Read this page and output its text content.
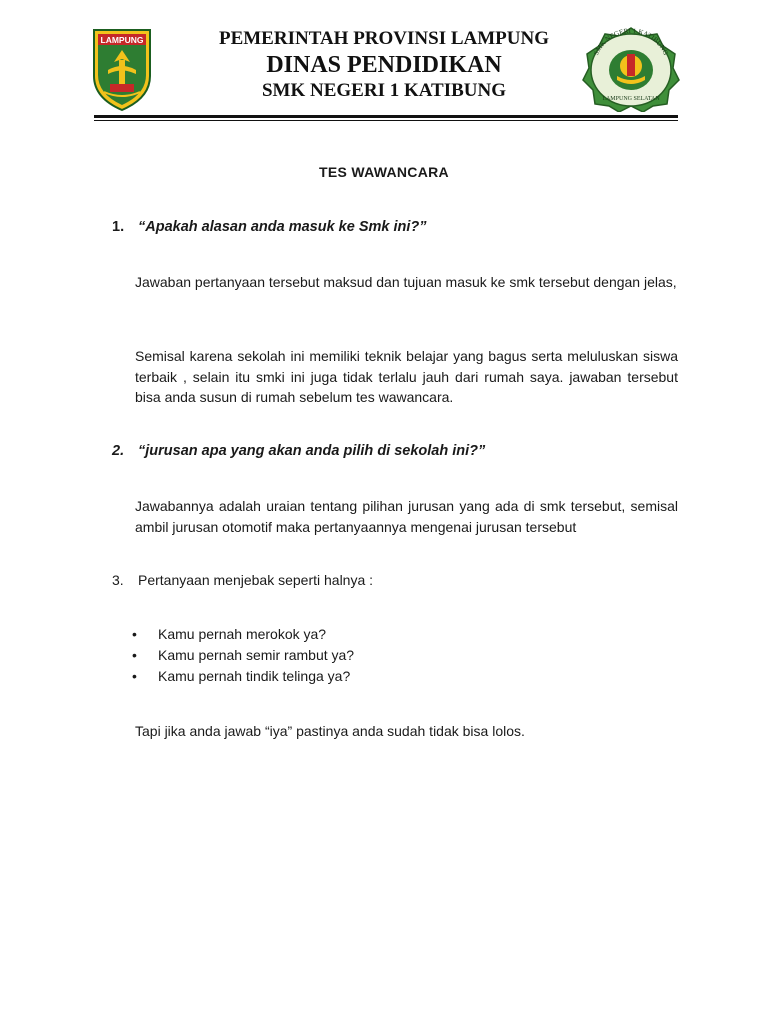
LAMPUNG	PEMERINTAH PROVINSI LAMPUNG
DINAS PENDIDIKAN
SMK NEGERI 1 KATIBUNG
SMK NEGERI 1 KATIBUNG
LAMPUNG SELATAN
TES WAWANCARA
1. “Apakah alasan anda masuk ke Smk ini?”
Jawaban pertanyaan tersebut maksud dan tujuan masuk ke smk tersebut dengan jelas,
Semisal karena sekolah ini memiliki teknik belajar yang bagus serta meluluskan siswa terbaik , selain itu smki ini juga tidak terlalu jauh dari rumah saya. jawaban tersebut bisa anda susun di rumah sebelum tes wawancara.
2. “jurusan apa yang akan anda pilih di sekolah ini?”
Jawabannya adalah uraian tentang pilihan jurusan yang ada di smk tersebut, semisal ambil jurusan otomotif maka pertanyaannya mengenai jurusan tersebut
3. Pertanyaan menjebak seperti halnya :
• Kamu pernah merokok ya?
• Kamu pernah semir rambut ya?
• Kamu pernah tindik telinga ya?
Tapi jika anda jawab “iya” pastinya anda sudah tidak bisa lolos.
